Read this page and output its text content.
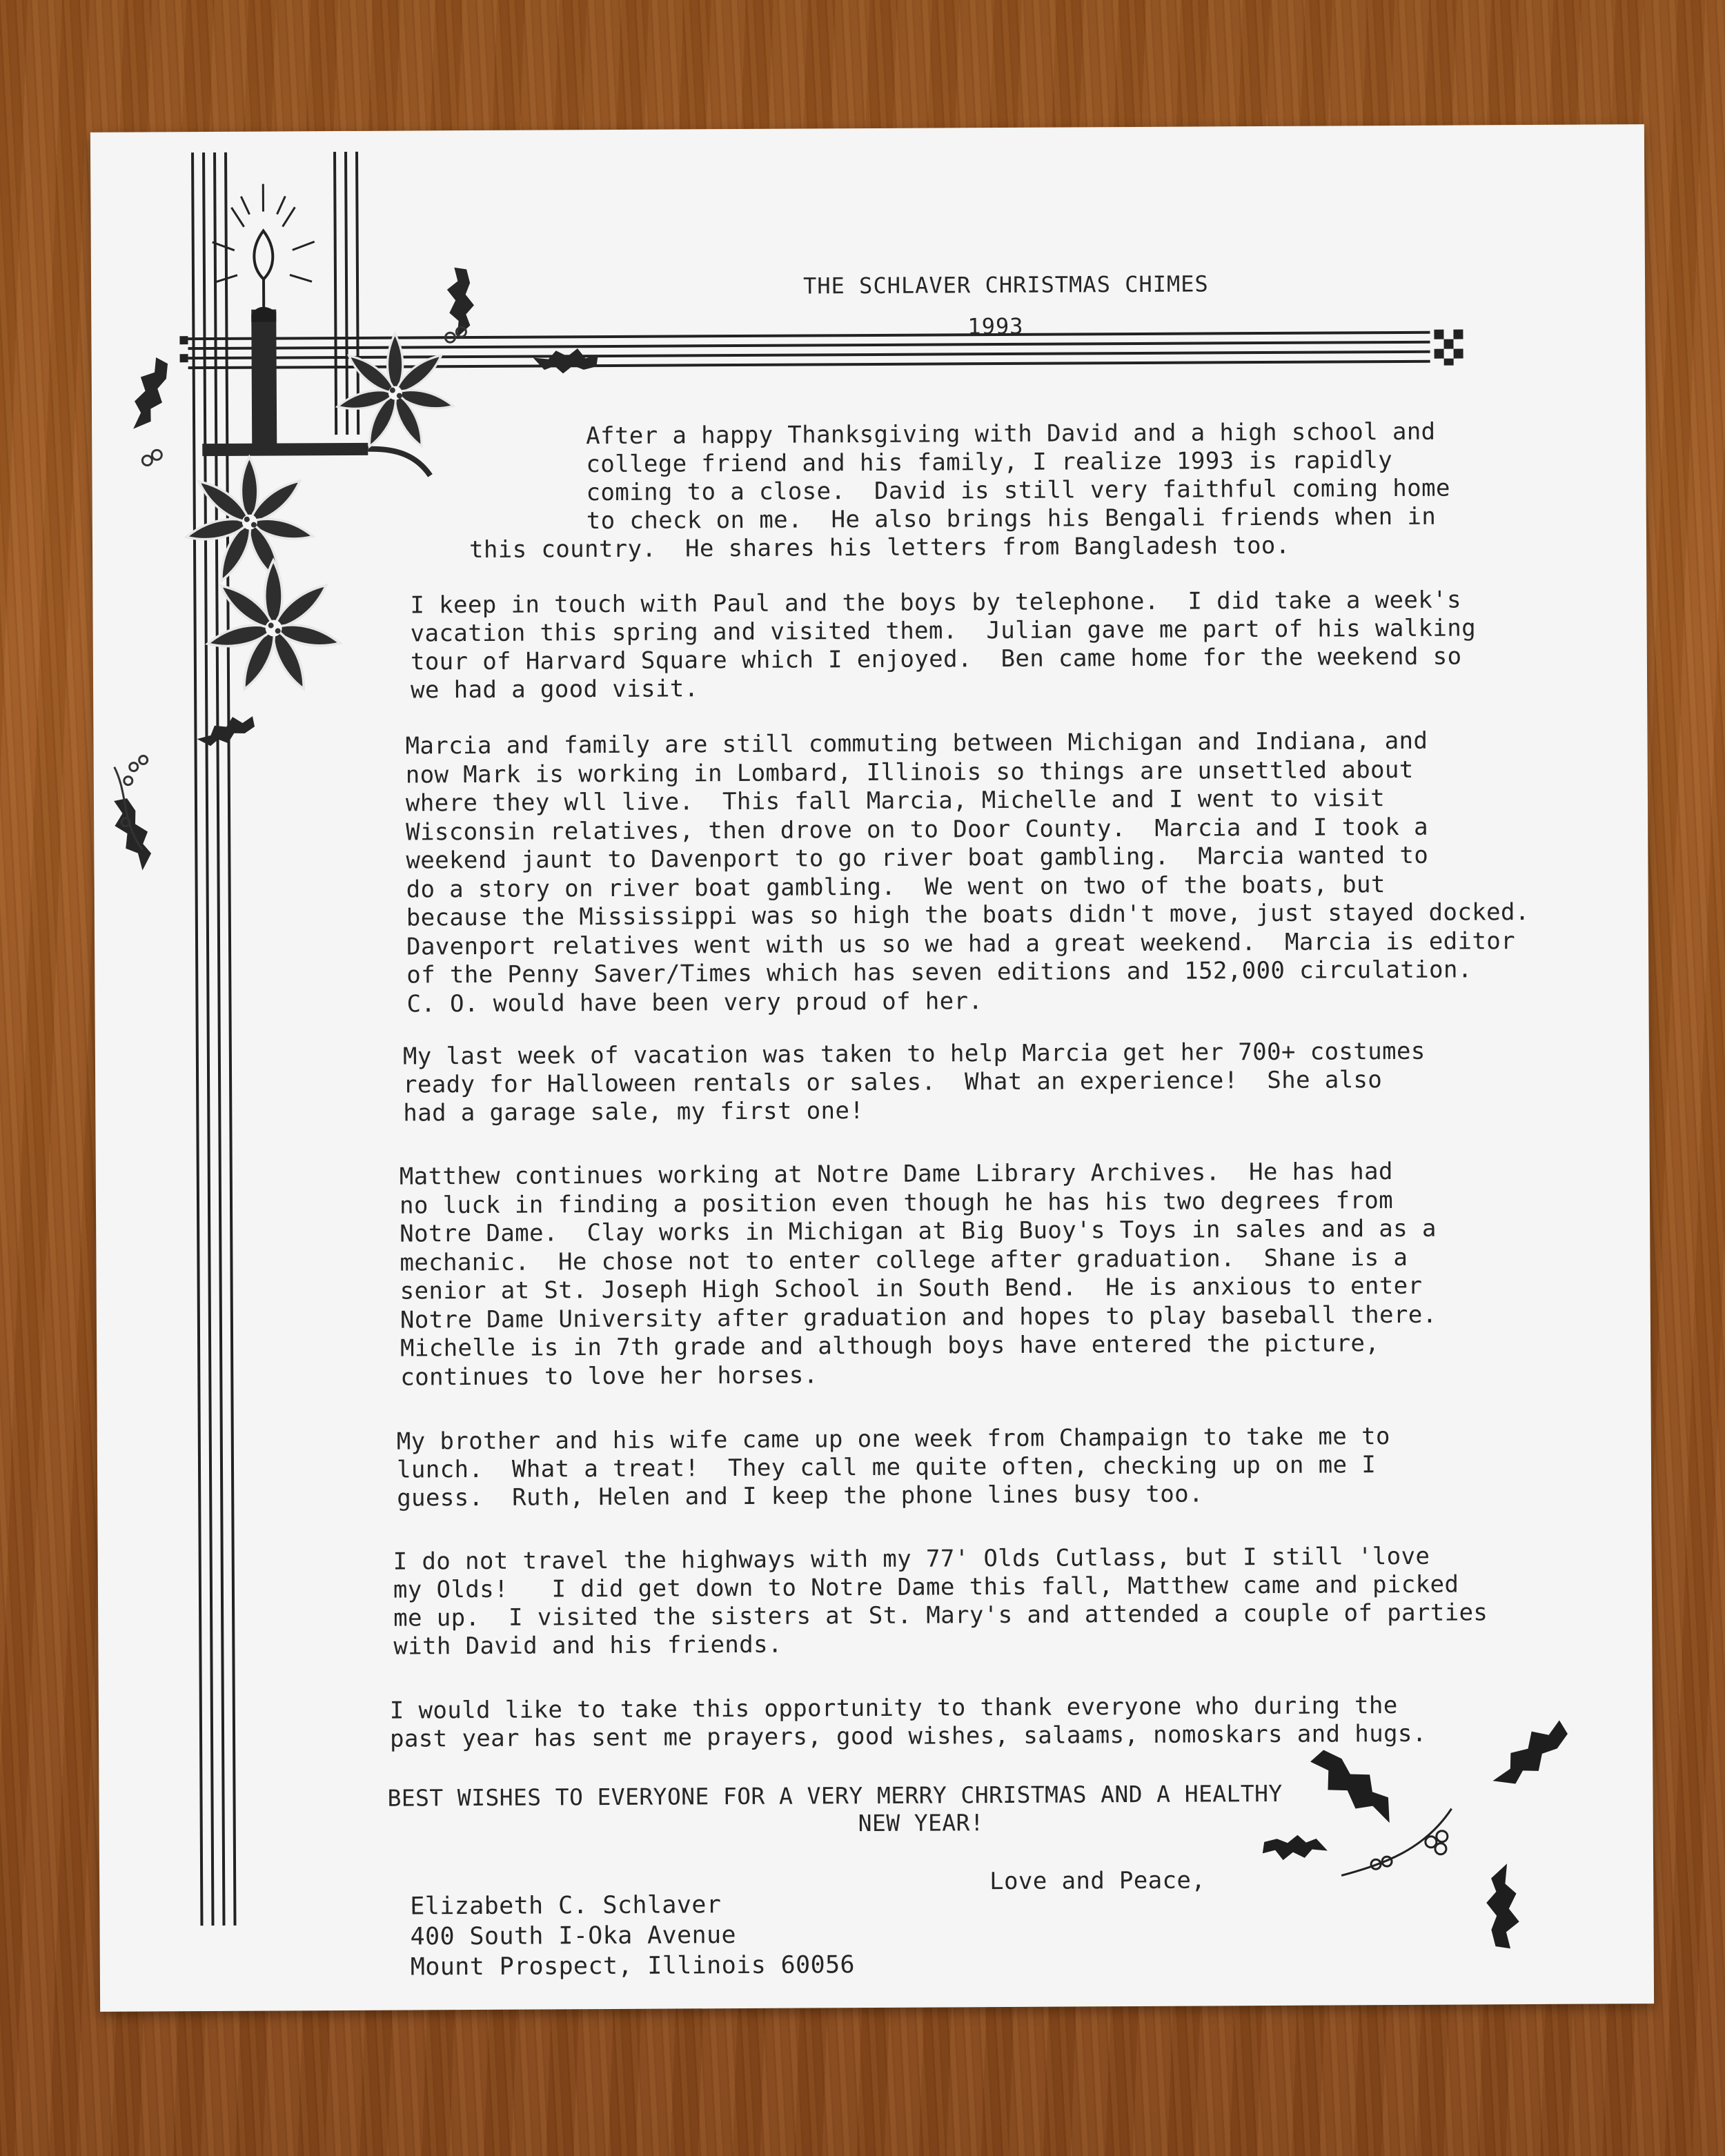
THE SCHLAVER CHRISTMAS CHIMES
1993
After a happy Thanksgiving with David and a high school and
college friend and his family, I realize 1993 is rapidly
coming to a close.  David is still very faithful coming home
to check on me.  He also brings his Bengali friends when in
this country.  He shares his letters from Bangladesh too.
I keep in touch with Paul and the boys by telephone.  I did take a week's
vacation this spring and visited them.  Julian gave me part of his walking
tour of Harvard Square which I enjoyed.  Ben came home for the weekend so
we had a good visit.
Marcia and family are still commuting between Michigan and Indiana, and
now Mark is working in Lombard, Illinois so things are unsettled about
where they wll live.  This fall Marcia, Michelle and I went to visit
Wisconsin relatives, then drove on to Door County.  Marcia and I took a
weekend jaunt to Davenport to go river boat gambling.  Marcia wanted to
do a story on river boat gambling.  We went on two of the boats, but
because the Mississippi was so high the boats didn't move, just stayed docked.
Davenport relatives went with us so we had a great weekend.  Marcia is editor
of the Penny Saver/Times which has seven editions and 152,000 circulation.
C. O. would have been very proud of her.
My last week of vacation was taken to help Marcia get her 700+ costumes
ready for Halloween rentals or sales.  What an experience!  She also
had a garage sale, my first one!
Matthew continues working at Notre Dame Library Archives.  He has had
no luck in finding a position even though he has his two degrees from
Notre Dame.  Clay works in Michigan at Big Buoy's Toys in sales and as a
mechanic.  He chose not to enter college after graduation.  Shane is a
senior at St. Joseph High School in South Bend.  He is anxious to enter
Notre Dame University after graduation and hopes to play baseball there.
Michelle is in 7th grade and although boys have entered the picture,
continues to love her horses.
My brother and his wife came up one week from Champaign to take me to
lunch.  What a treat!  They call me quite often, checking up on me I
guess.  Ruth, Helen and I keep the phone lines busy too.
I do not travel the highways with my 77' Olds Cutlass, but I still 'love
my Olds!   I did get down to Notre Dame this fall, Matthew came and picked
me up.  I visited the sisters at St. Mary's and attended a couple of parties
with David and his friends.
I would like to take this opportunity to thank everyone who during the
past year has sent me prayers, good wishes, salaams, nomoskars and hugs.
BEST WISHES TO EVERYONE FOR A VERY MERRY CHRISTMAS AND A HEALTHY
NEW YEAR!
Love and Peace,
Elizabeth C. Schlaver
400 South I-Oka Avenue
Mount Prospect, Illinois 60056
